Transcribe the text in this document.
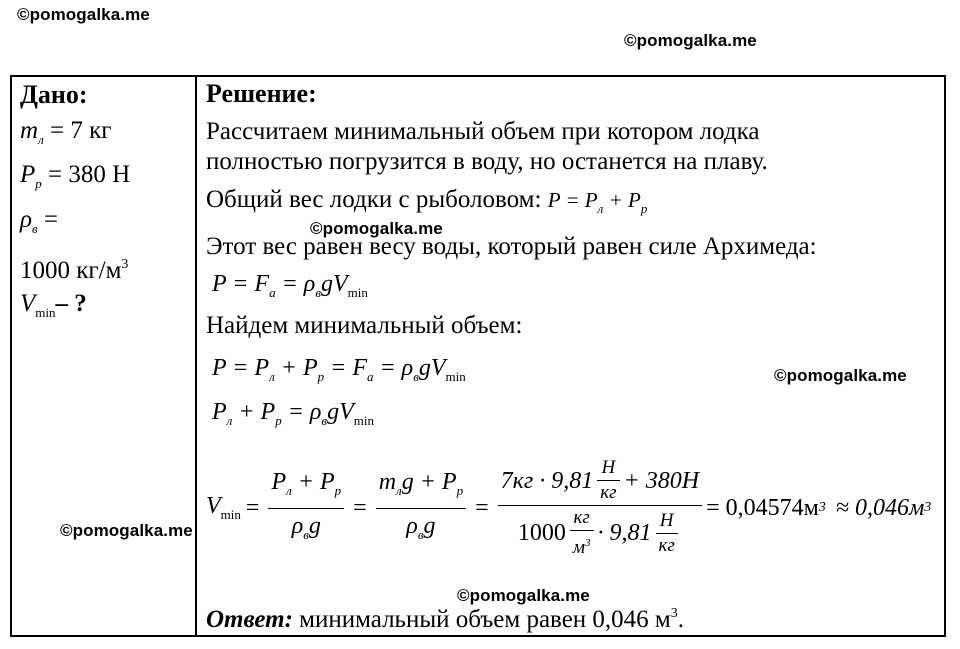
©pomogalka.me
©pomogalka.me
Дано:
$m_л = 7$ кг
$P_р = 380$ Н
$\rho_в$ =
1000 $кг/м^3$
$V_{min}-$ ?
Решение:
Рассчитаем минимальный объем при котором лодка
полностью погрузится в воду, но останется на плаву.
Общий вес лодки с рыболовом: $P = P_л + P_р$
Этот вес равен весу воды, который равен силе Архимеда:
$P = F_а = \rho_вgV_{min}$
Найдем минимальный объем:
$P = P_л + P_р = F_а = \rho_вgV_{min}$
$P_л + P_р = \rho_вgV_{min}$
$V_{min} = \frac{P_л + P_р}{\rho_вg} = \frac{m_лg + P_р}{\rho_вg} = \frac{7кг \cdot 9,81 \frac{Н}{кг} + 380Н}{1000 \frac{кг}{м^3} \cdot 9,81 \frac{Н}{кг}} = 0,04574м$ 3 ≈ 0,046м 3
Ответ: минимальный объем равен 0,046 $м^3$.
©pomogalka.me
©pomogalka.me
©pomogalka.me
©pomogalka.me
